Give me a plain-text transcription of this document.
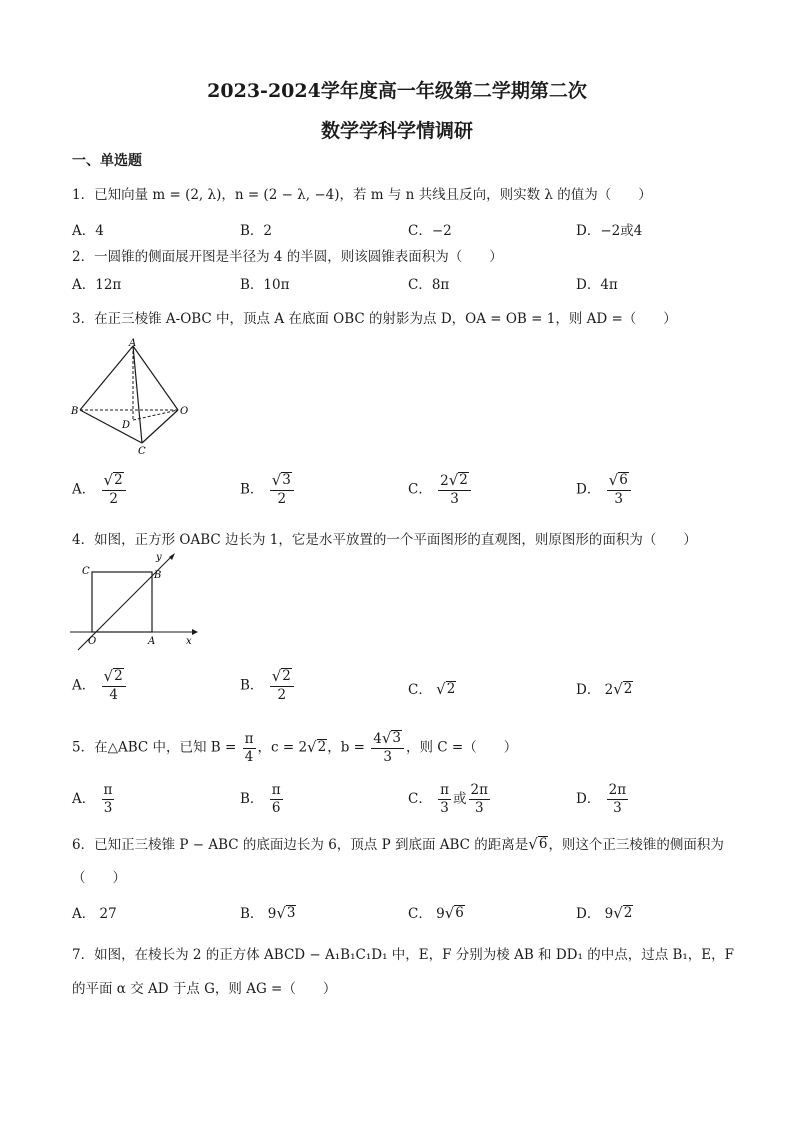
2023-2024学年度高一年级第二学期第二次
数学学科学情调研
一、单选题
1．已知向量 m = (2, λ)，n = (2 − λ, −4)，若 m 与 n 共线且反向，则实数 λ 的值为（　　）
A．4	B．2	C．−2	D．−2或4
2．一圆锥的侧面展开图是半径为 4 的半圆，则该圆锥表面积为（　　）
A．12π	B．10π	C．8π	D．4π
3．在正三棱锥 A-OBC 中，顶点 A 在底面 OBC 的射影为点 D，OA = OB = 1，则 AD =（　　）
A
B	O
D
C
A． $\frac{√ 2}{2}$	B． $\frac{√ 3}{2}$	C． $\frac{2 √ 2}{3}$	D． $\frac{√ 6}{3}$
4．如图，正方形 OABC 边长为 1，它是水平放置的一个平面图形的直观图，则原图形的面积为（　　）
y
C	B
O	A	x
A． $\frac{√ 2}{4}$	B． $\frac{√ 2}{2}$	C． √ 2	D． 2 √ 2
5．在△ABC 中，已知 $B = \frac{\pi}{4}$ ，c = 2 √ 2 ，$b = \frac{4 √ 3}{3}$ ，则 C =（　　）
A． $\frac{\pi}{3}$	B． $\frac{\pi}{6}$	C． $\frac{\pi}{3}$ 或 $\frac{2\pi}{3}$	D． $\frac{2\pi}{3}$
6．已知正三棱锥 P − ABC 的底面边长为 6，顶点 P 到底面 ABC 的距离是 √ 6 ，则这个正三棱锥的侧面积为
（　　）
A． 27	B． 9 √ 3	C． 9 √ 6	D． 9 √ 2
7．如图，在棱长为 2 的正方体 ABCD − A₁B₁C₁D₁ 中，E，F 分别为棱 AB 和 DD₁ 的中点，过点 B₁，E，F
的平面 α 交 AD 于点 G，则 AG =（　　）
